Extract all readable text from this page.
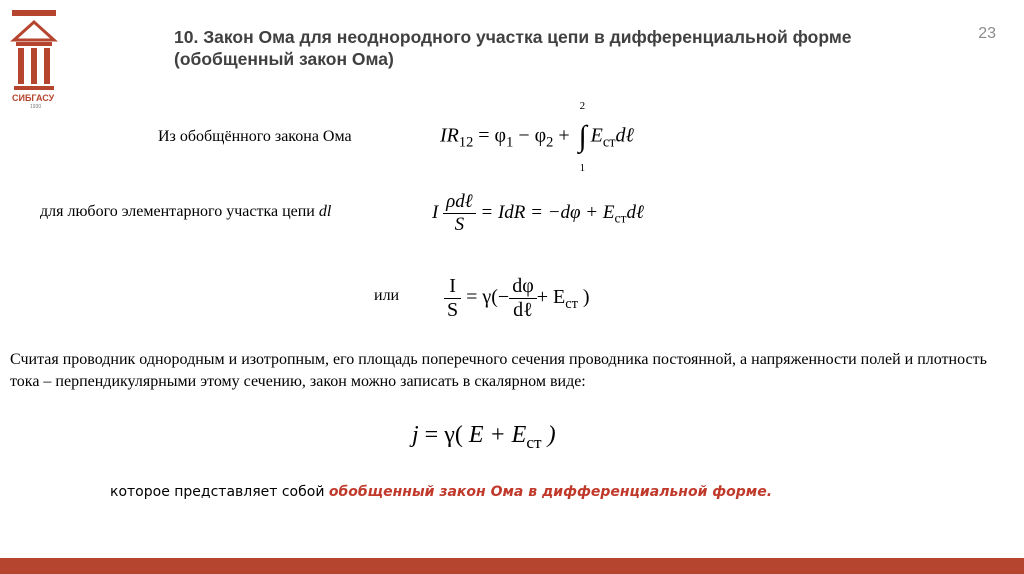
СИБГАСУ
1930
10. Закон Ома для неоднородного участка цепи в дифференциальной форме (обобщенный закон Ома)
23
Из обобщённого закона Ома	$IR_{12} = \varphi_1 - \varphi_2$ +
2
∫
1
$E_{ст}d\ell$
для любого элементарного участка цепи dl	I $\frac{\text{ρdℓ}}{S}$ = IdR = $-d\varphi + E_{ст}d\ell$
или $\frac{I}{S} = \gamma(- \frac{d\varphi}{\text{dℓ}} + E_{ст}$ )
Считая проводник однородным и изотропным, его площадь поперечного сечения проводника постоянной, а напряженности полей и плотность тока – перпендикулярными этому сечению, закон можно записать в скалярном виде:
j = γ( $E + E_{ст}$ )
которое представляет собой обобщенный закон Ома в дифференциальной форме.
